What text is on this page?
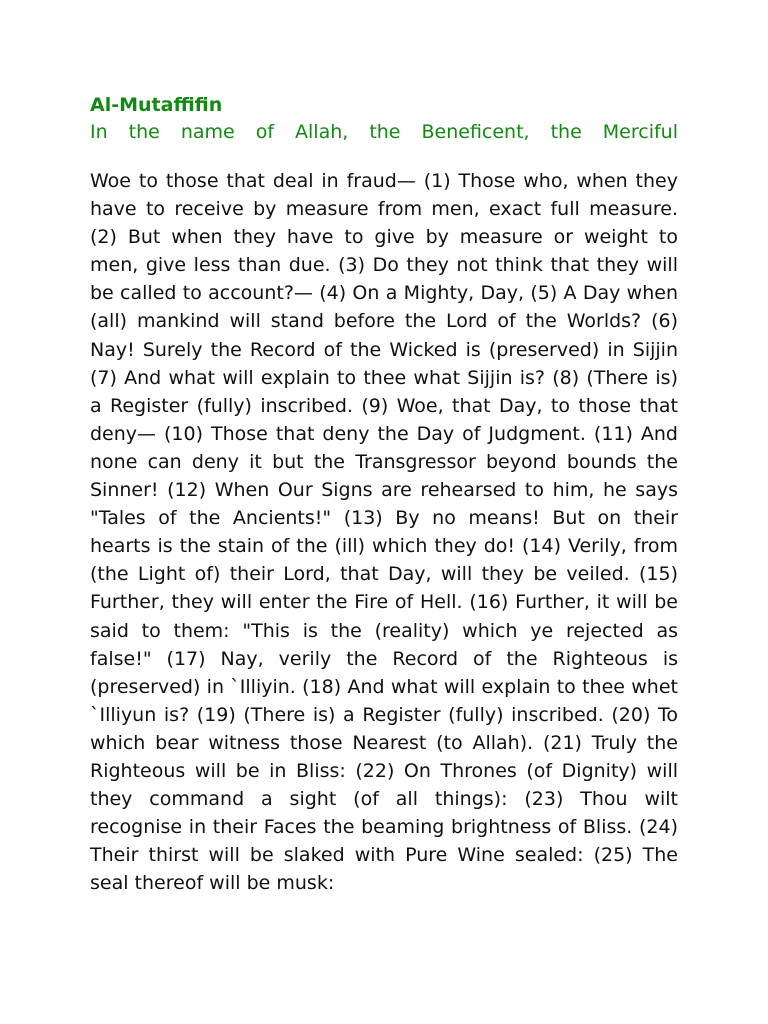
Al-Mutaffifin

In the name of Allah, the Beneficent, the Merciful

Woe to those that deal in fraud— (1) Those who, when they have to receive by measure from men, exact full measure. (2) But when they have to give by measure or weight to men, give less than due. (3) Do they not think that they will be called to account?— (4) On a Mighty, Day, (5) A Day when (all) mankind will stand before the Lord of the Worlds? (6) Nay! Surely the Record of the Wicked is (preserved) in Sijjin (7) And what will explain to thee what Sijjin is? (8) (There is) a Register (fully) inscribed. (9) Woe, that Day, to those that deny— (10) Those that deny the Day of Judgment. (11) And none can deny it but the Transgressor beyond bounds the Sinner! (12) When Our Signs are rehearsed to him, he says "Tales of the Ancients!" (13) By no means! But on their hearts is the stain of the (ill) which they do! (14) Verily, from (the Light of) their Lord, that Day, will they be veiled. (15) Further, they will enter the Fire of Hell. (16) Further, it will be said to them: "This is the (reality) which ye rejected as false!" (17) Nay, verily the Record of the Righteous is (preserved) in `Illiyin. (18) And what will explain to thee whet `Illiyun is? (19) (There is) a Register (fully) inscribed. (20) To which bear witness those Nearest (to Allah). (21) Truly the Righteous will be in Bliss: (22) On Thrones (of Dignity) will they command a sight (of all things): (23) Thou wilt recognise in their Faces the beaming brightness of Bliss. (24) Their thirst will be slaked with Pure Wine sealed: (25) The seal thereof will be musk:
